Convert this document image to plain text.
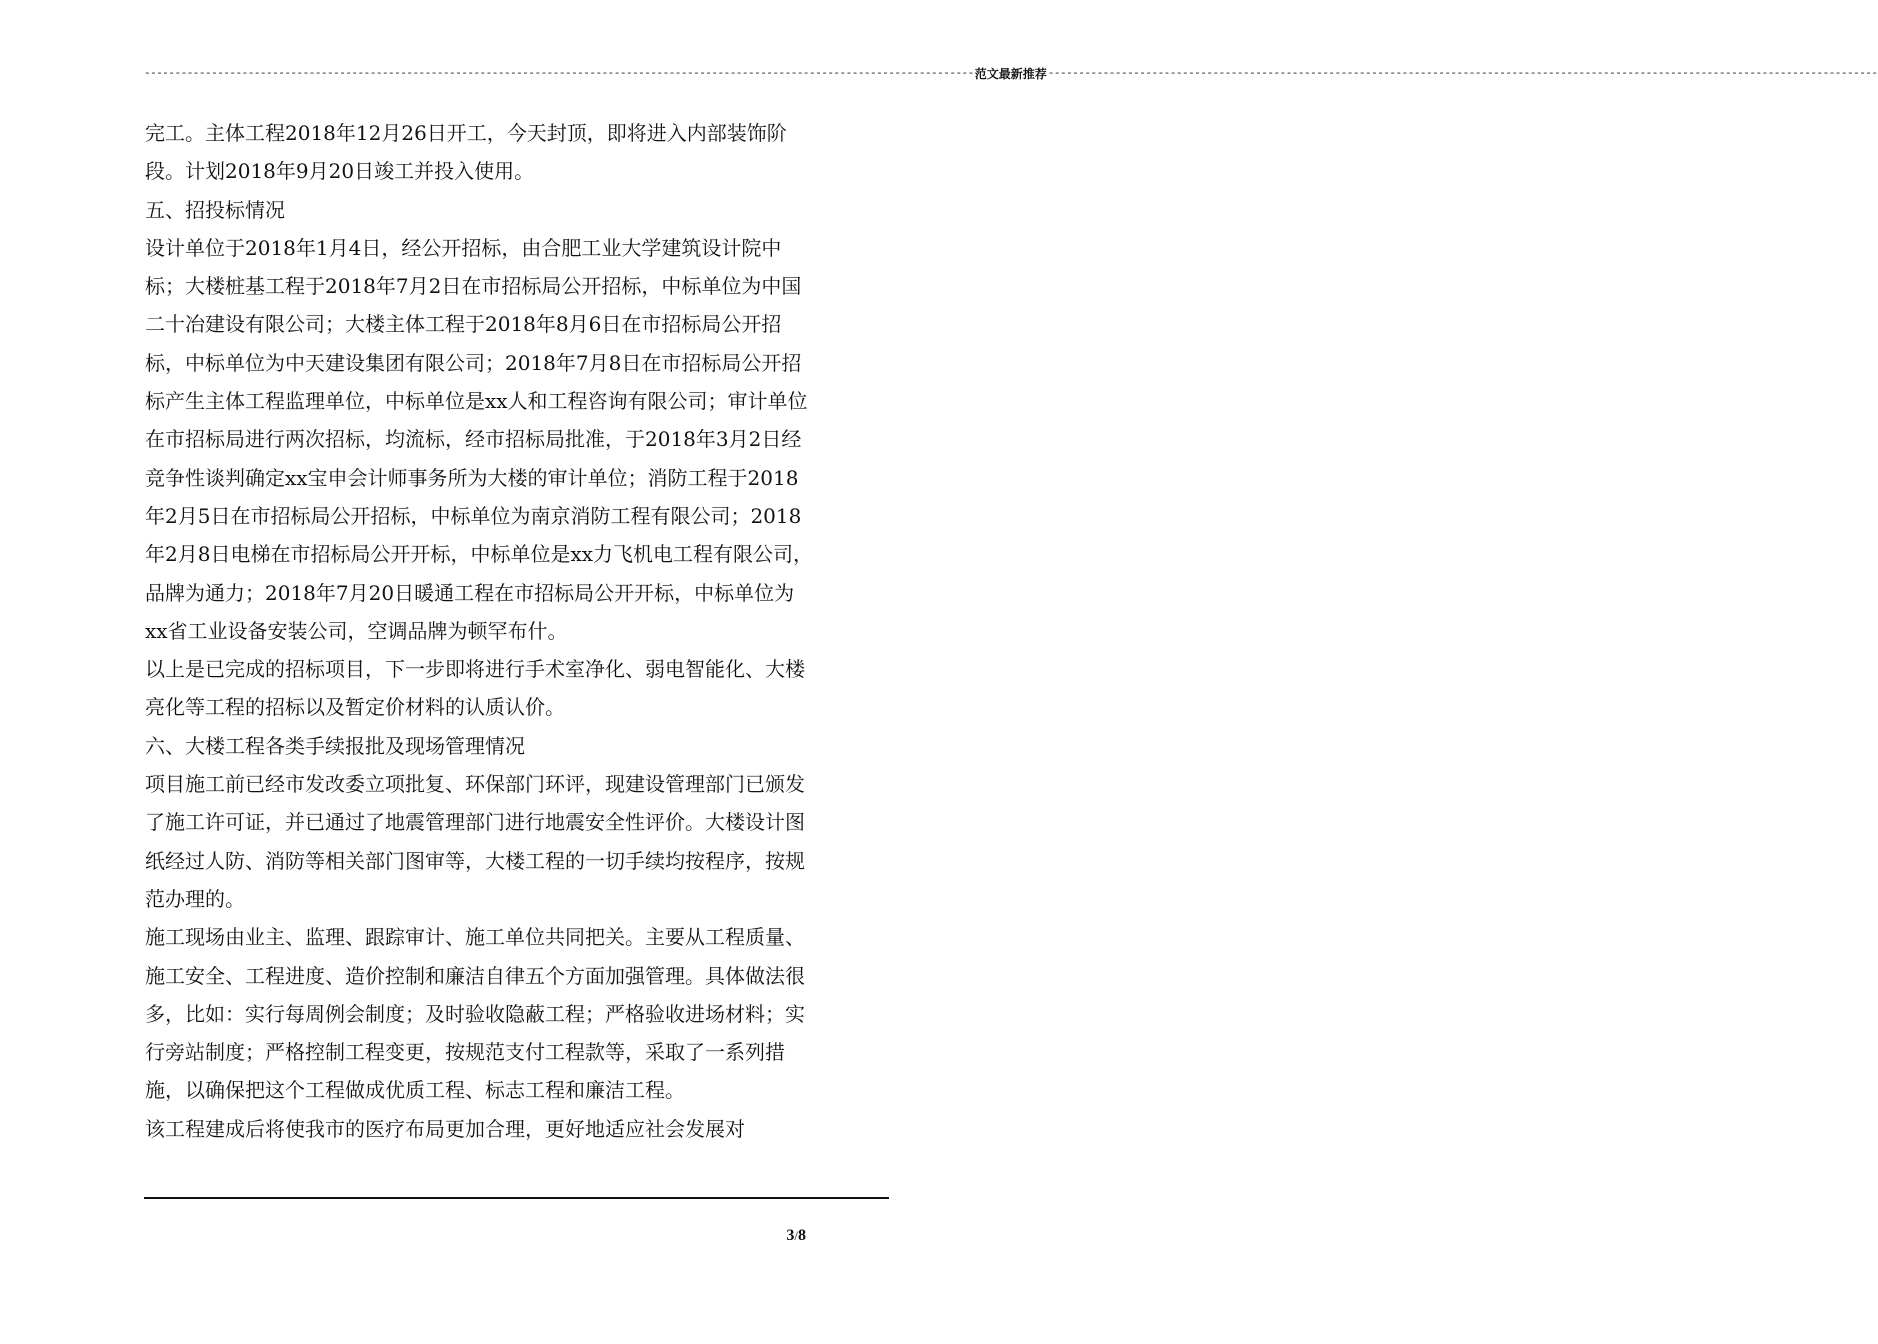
---------------------------------------------------------------------------------------------------------------------------------------- 范文最新推荐 ----------------------------------------------------------------------------------------------------------------------------------------

完工。主体工程2018年12月26日开工，今天封顶，即将进入内部装饰阶段。计划2018年9月20日竣工并投入使用。

五、招投标情况

设计单位于2018年1月4日，经公开招标，由合肥工业大学建筑设计院中标；大楼桩基工程于2018年7月2日在市招标局公开招标，中标单位为中国二十冶建设有限公司；大楼主体工程于2018年8月6日在市招标局公开招标，中标单位为中天建设集团有限公司；2018年7月8日在市招标局公开招标产生主体工程监理单位，中标单位是xx人和工程咨询有限公司；审计单位在市招标局进行两次招标，均流标，经市招标局批准，于2018年3月2日经竞争性谈判确定xx宝申会计师事务所为大楼的审计单位；消防工程于2018年2月5日在市招标局公开招标，中标单位为南京消防工程有限公司；2018年2月8日电梯在市招标局公开开标，中标单位是xx力飞机电工程有限公司，品牌为通力；2018年7月20日暖通工程在市招标局公开开标，中标单位为xx省工业设备安装公司，空调品牌为顿罕布什。

以上是已完成的招标项目，下一步即将进行手术室净化、弱电智能化、大楼亮化等工程的招标以及暂定价材料的认质认价。

六、大楼工程各类手续报批及现场管理情况

项目施工前已经市发改委立项批复、环保部门环评，现建设管理部门已颁发了施工许可证，并已通过了地震管理部门进行地震安全性评价。大楼设计图纸经过人防、消防等相关部门图审等，大楼工程的一切手续均按程序，按规范办理的。

施工现场由业主、监理、跟踪审计、施工单位共同把关。主要从工程质量、施工安全、工程进度、造价控制和廉洁自律五个方面加强管理。具体做法很多，比如：实行每周例会制度；及时验收隐蔽工程；严格验收进场材料；实行旁站制度；严格控制工程变更，按规范支付工程款等，采取了一系列措施，以确保把这个工程做成优质工程、标志工程和廉洁工程。

该工程建成后将使我市的医疗布局更加合理，更好地适应社会发展对

3/8
